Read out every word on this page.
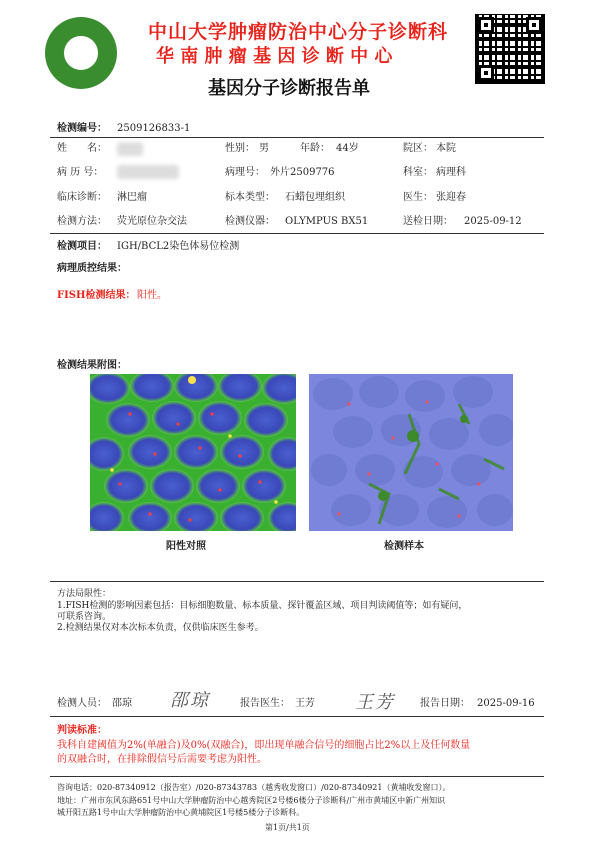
中山大学肿瘤防治中心分子诊断科
华 南 肿 瘤 基 因 诊 断 中 心
基因分子诊断报告单
检测编号： 2509126833-1
姓　　名：	性别： 男	年龄： 44岁	院区： 本院
病 历 号：	病理号： 外片2509776	科室： 病理科
临床诊断： 淋巴瘤	标本类型： 石蜡包埋组织	医生： 张迎春
检测方法： 荧光原位杂交法	检测仪器： OLYMPUS BX51	送检日期： 2025-09-12
检测项目： IGH/BCL2染色体易位检测
病理质控结果：
FISH检测结果： 阳性。
检测结果附图：
阳性对照	检测样本
方法局限性：
1.FISH检测的影响因素包括：目标细胞数量、标本质量、探针覆盖区域、项目判读阈值等；如有疑问，
可联系咨询。
2.检测结果仅对本次标本负责，仅供临床医生参考。
检测人员： 邵琼 邵琼	报告医生： 王芳 王芳	报告日期： 2025-09-16
判读标准：
我科自建阈值为2%(单融合)及0%(双融合)，即出现单融合信号的细胞占比2%以上及任何数量
的双融合时，在排除假信号后需要考虑为阳性。
咨询电话：020-87340912（报告室）/020-87343783（越秀收发窗口）/020-87340921（黄埔收发窗口）。
地址：广州市东风东路651号中山大学肿瘤防治中心越秀院区2号楼6楼分子诊断科/广州市黄埔区中新广州知识
城开阳五路1号中山大学肿瘤防治中心黄埔院区1号楼5楼分子诊断科。
第1页/共1页
